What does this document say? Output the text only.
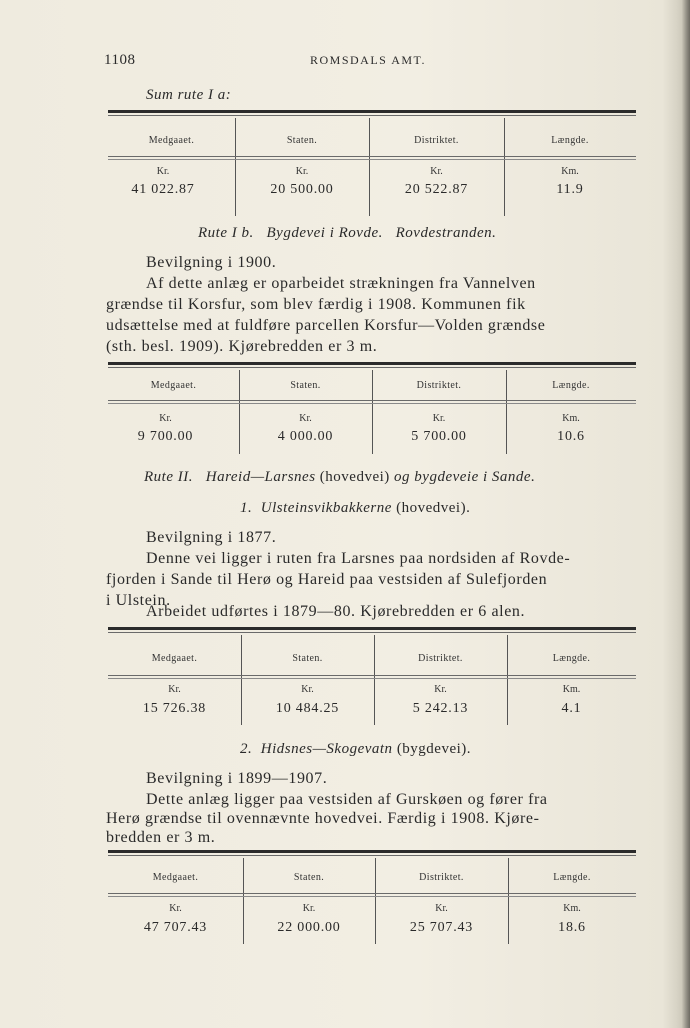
1108	ROMSDALS AMT.
Sum rute I a:
Medgaaet.	Staten.	Distriktet.	Længde.
Kr.	Kr.	Kr.	Km.
41 022.87	20 500.00	20 522.87	11.9
Rute I b. Bygdevei i Rovde. Rovdestranden.
Bevilgning i 1900.
Af dette anlæg er oparbeidet strækningen fra Vannelven
grændse til Korsfur, som blev færdig i 1908. Kommunen fik
udsættelse med at fuldføre parcellen Korsfur—Volden grændse
(sth. besl. 1909). Kjørebredden er 3 m.
Medgaaet.	Staten.	Distriktet.	Længde.
Kr.	Kr.	Kr.	Km.
9 700.00	4 000.00	5 700.00	10.6
Rute II. Hareid—Larsnes (hovedvei) og bygdeveie i Sande.
1. Ulsteinsvikbakkerne (hovedvei).
Bevilgning i 1877.
Denne vei ligger i ruten fra Larsnes paa nordsiden af Rovde-
fjorden i Sande til Herø og Hareid paa vestsiden af Sulefjorden
i Ulstein.
Arbeidet udførtes i 1879—80. Kjørebredden er 6 alen.
Medgaaet.	Staten.	Distriktet.	Længde.
Kr.	Kr.	Kr.	Km.
15 726.38	10 484.25	5 242.13	4.1
2. Hidsnes—Skogevatn (bygdevei).
Bevilgning i 1899—1907.
Dette anlæg ligger paa vestsiden af Gurskøen og fører fra
Herø grændse til ovennævnte hovedvei. Færdig i 1908. Kjøre-
bredden er 3 m.
Medgaaet.	Staten.	Distriktet.	Længde.
Kr.	Kr.	Kr.	Km.
47 707.43	22 000.00	25 707.43	18.6
